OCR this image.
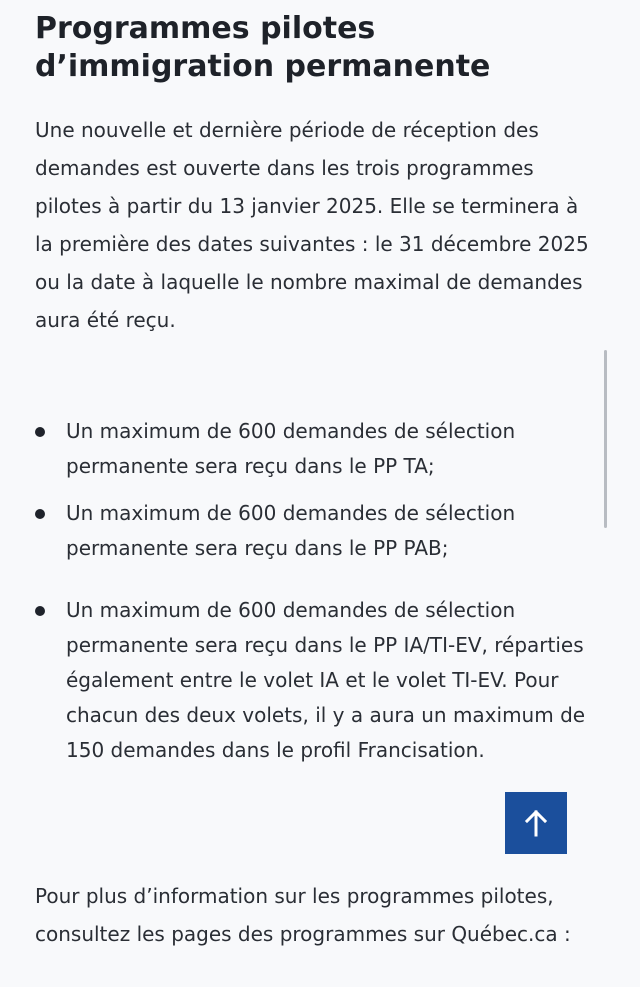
Programmes pilotes d’immigration permanente

Une nouvelle et dernière période de réception des demandes est ouverte dans les trois programmes pilotes à partir du 13 janvier 2025. Elle se terminera à la première des dates suivantes : le 31 décembre 2025 ou la date à laquelle le nombre maximal de demandes aura été reçu.

Un maximum de 600 demandes de sélection permanente sera reçu dans le PP TA;
Un maximum de 600 demandes de sélection permanente sera reçu dans le PP PAB;
Un maximum de 600 demandes de sélection permanente sera reçu dans le PP IA/TI-EV, réparties également entre le volet IA et le volet TI-EV. Pour chacun des deux volets, il y a aura un maximum de 150 demandes dans le profil Francisation.

Pour plus d’information sur les programmes pilotes, consultez les pages des programmes sur Québec.ca :
